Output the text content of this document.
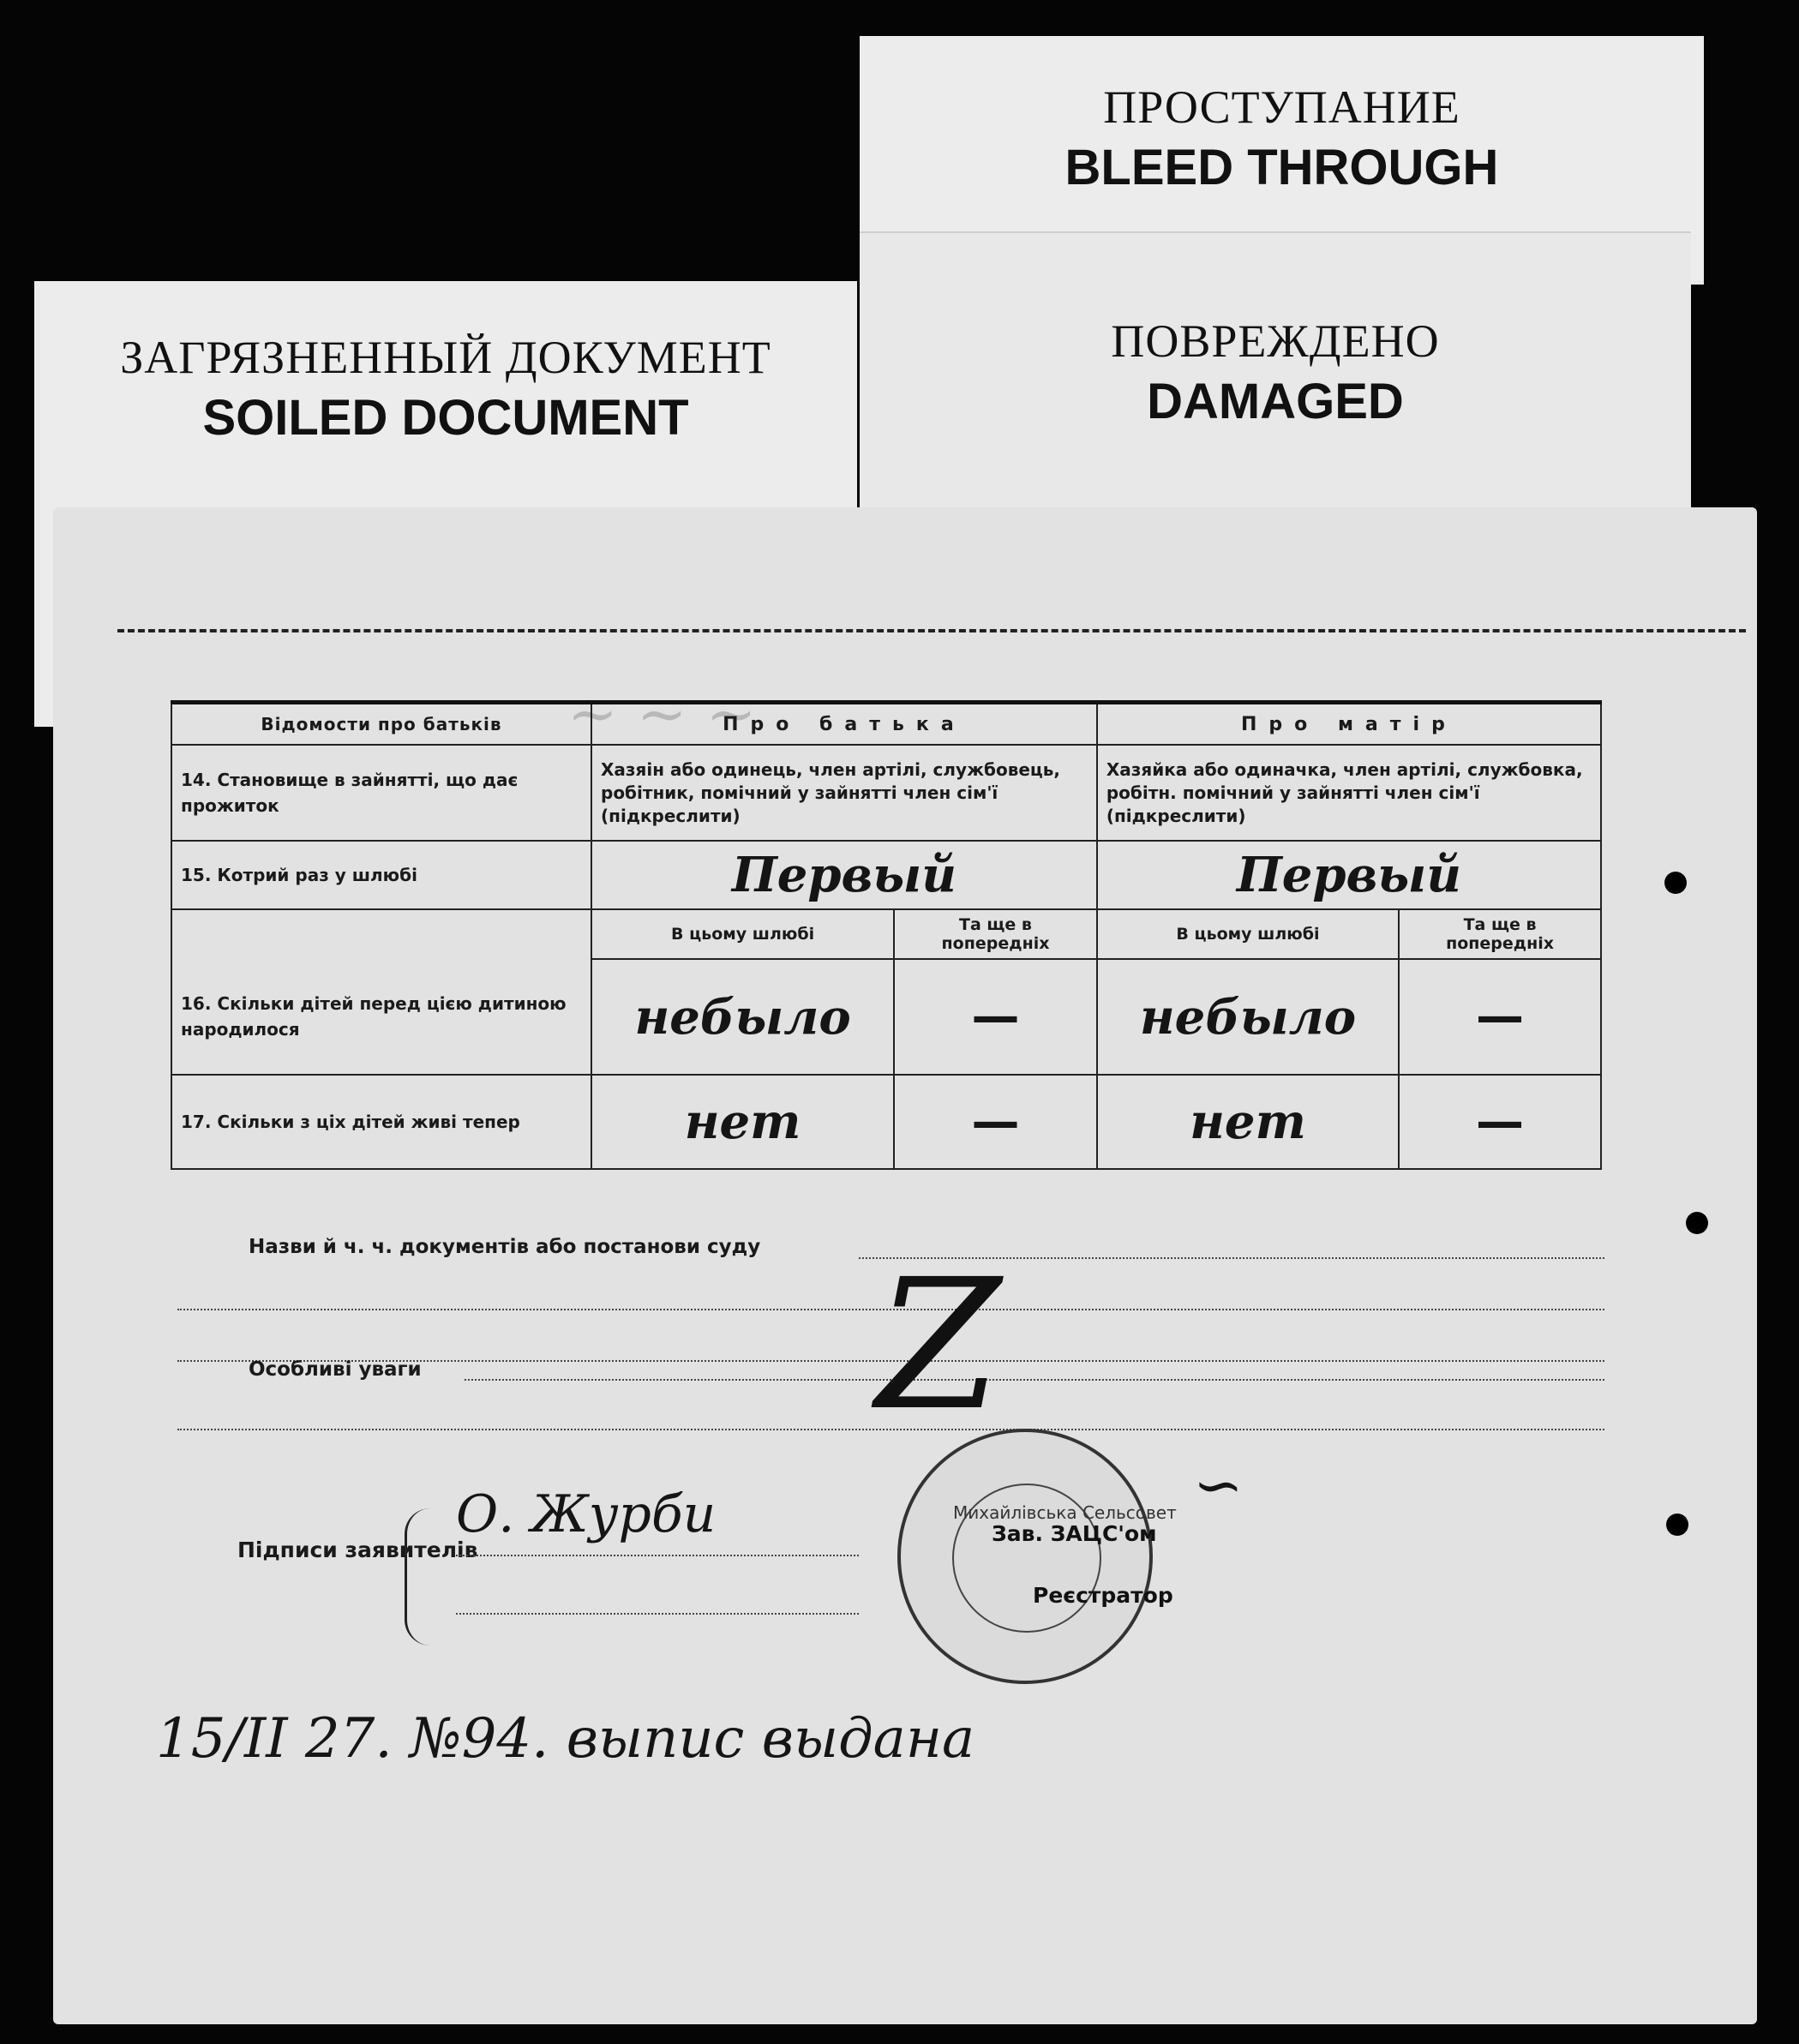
ЗАГРЯЗНЕННЫЙ ДОКУМЕНТ
SOILED DOCUMENT
ПРОСТУПАНИЕ
BLEED THROUGH
ПОВРЕЖДЕНО
DAMAGED
~ ~ ~
Відомости про батьків	Про батька		Про матір	
14. Становище в зайнятті, що дає прожиток	Хазяін або одинець, член артілі, службовець, робітник, помічний у зайнятті член сім'ї (підкреслити)		Хазяйка або одиначка, член артілі, службовка, робітн. помічний у зайнятті член сім'ї (підкреслити)	
15. Котрий раз у шлюбі	Первый		Первый	
	В цьому шлюбі	Та ще в попередніх	В цьому шлюбі	Та ще в попередніх
16. Скільки дітей перед цією дитиною народилося	небыло	—	небыло	—
17. Скільки з ціх дітей живі тепер	нет	—	нет	—
Назви й ч. ч. документів або постанови суду
Особливі уваги	Z
Підписи заявителів
О. Журби	Михайлівська Сельсовет
Зав. ЗАЦС'ом
Реєстратор
∽
15/II 27. №94. выпис выдана
